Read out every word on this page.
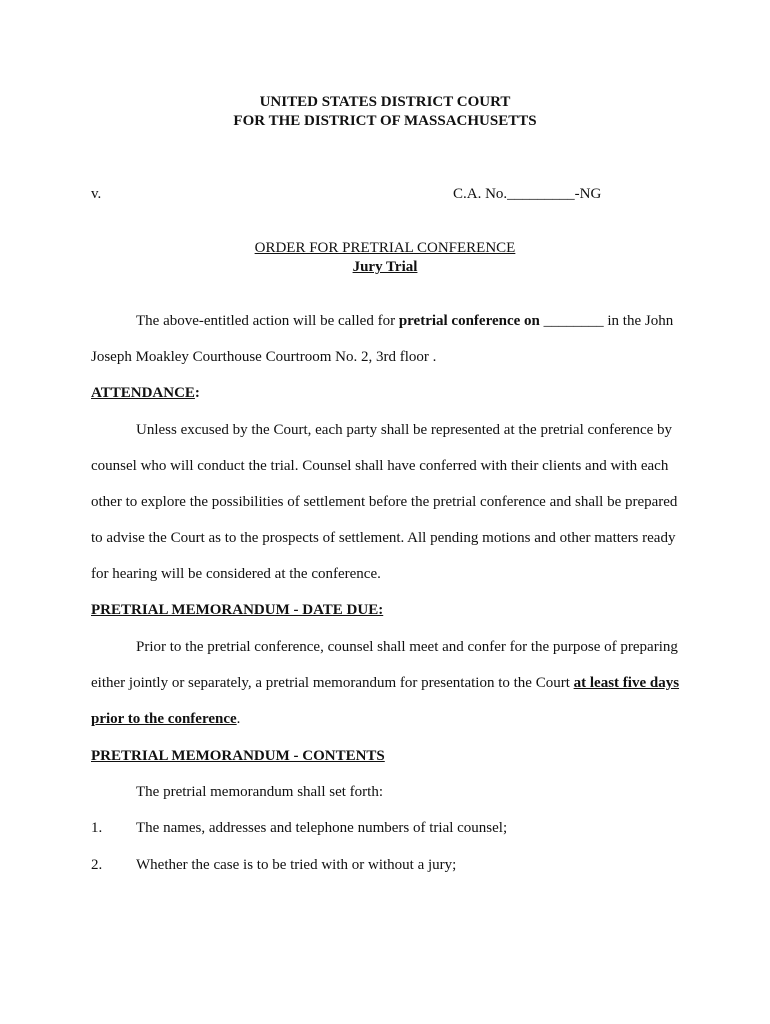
UNITED STATES DISTRICT COURT
FOR THE DISTRICT OF MASSACHUSETTS
v.	C.A. No._________-NG
ORDER FOR PRETRIAL CONFERENCE
Jury Trial
The above-entitled action will be called for pretrial conference on ________ in the John
Joseph Moakley Courthouse Courtroom No. 2, 3rd floor .
ATTENDANCE:
Unless excused by the Court, each party shall be represented at the pretrial conference by
counsel who will conduct the trial. Counsel shall have conferred with their clients and with each
other to explore the possibilities of settlement before the pretrial conference and shall be prepared
to advise the Court as to the prospects of settlement. All pending motions and other matters ready
for hearing will be considered at the conference.
PRETRIAL MEMORANDUM - DATE DUE:
Prior to the pretrial conference, counsel shall meet and confer for the purpose of preparing
either jointly or separately, a pretrial memorandum for presentation to the Court at least five days
prior to the conference.
PRETRIAL MEMORANDUM - CONTENTS
The pretrial memorandum shall set forth:
1. The names, addresses and telephone numbers of trial counsel;
2. Whether the case is to be tried with or without a jury;
